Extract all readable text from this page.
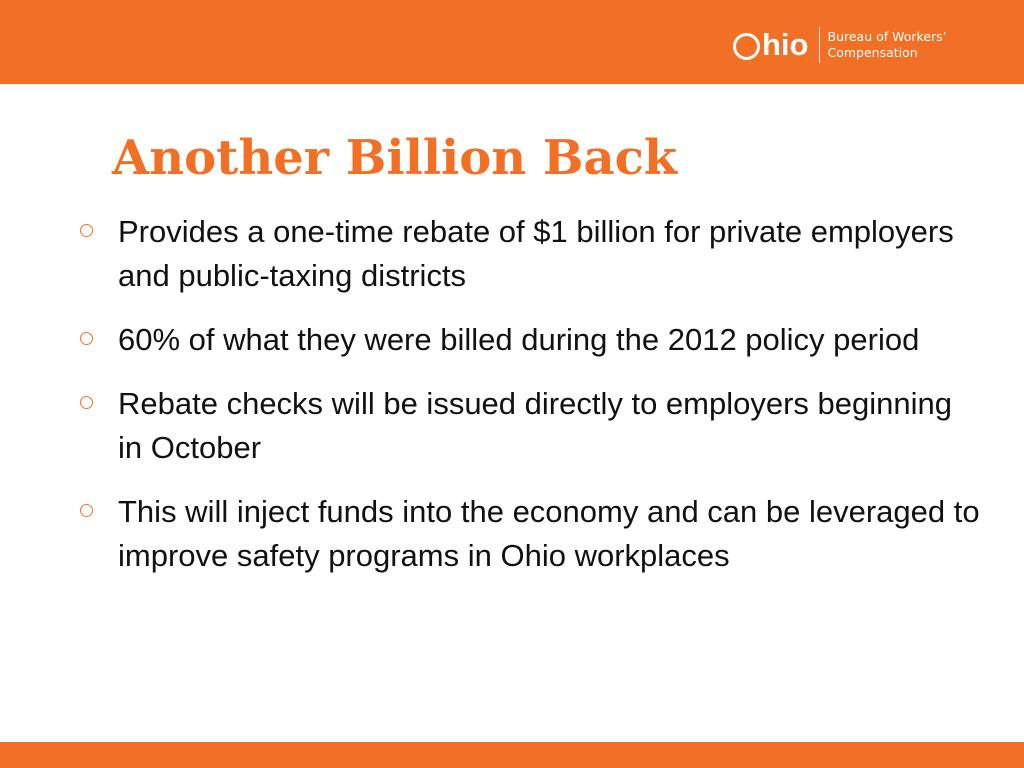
hio Bureau of Workers’
Compensation
Another Billion Back
Provides a one-time rebate of $1 billion for private employers and public-taxing districts
60% of what they were billed during the 2012 policy period
Rebate checks will be issued directly to employers beginning in October
This will inject funds into the economy and can be leveraged to improve safety programs in Ohio workplaces
